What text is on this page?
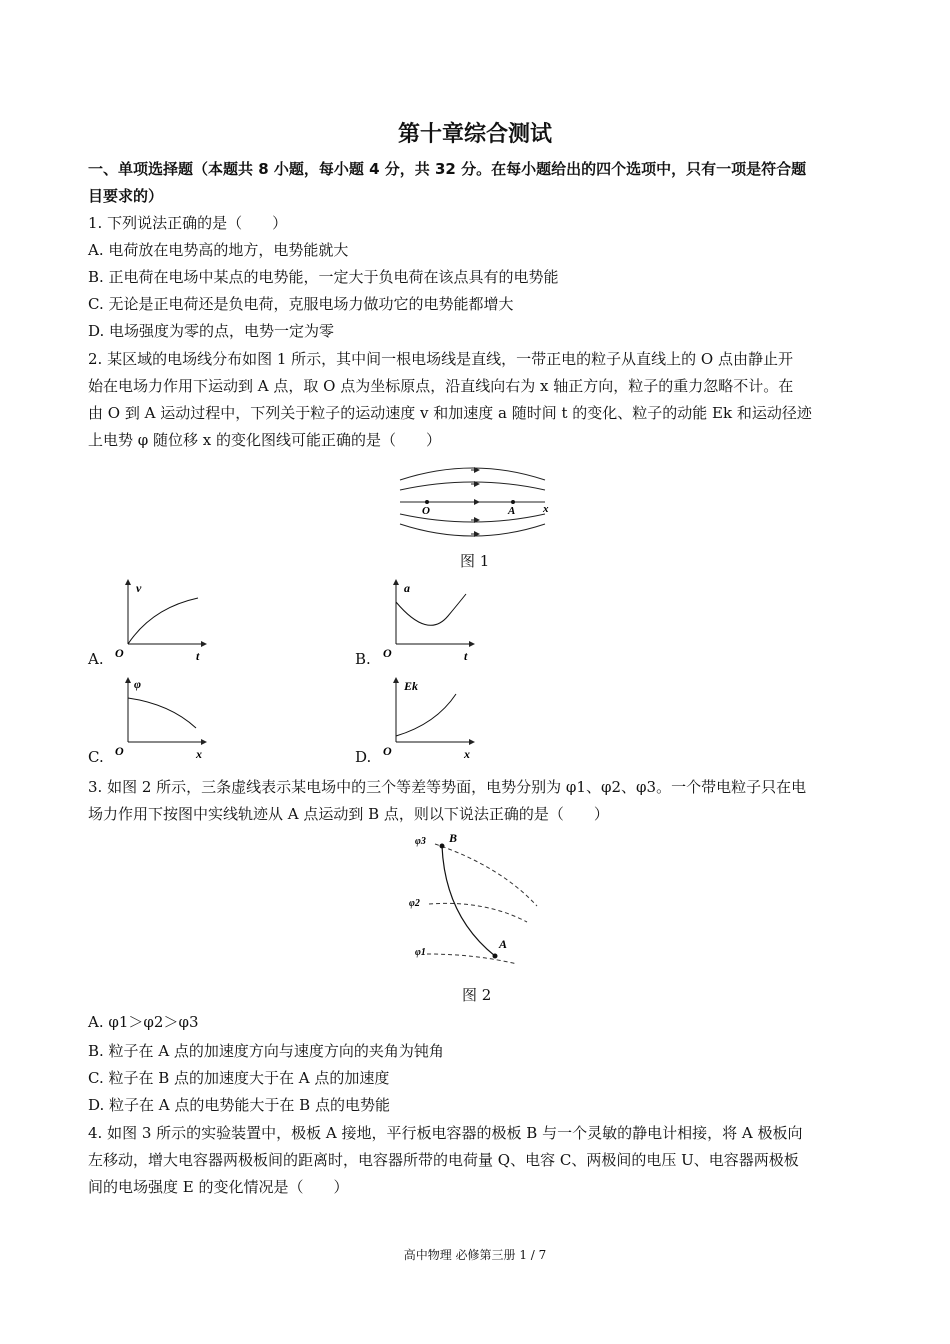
第十章综合测试
一、单项选择题（本题共 8 小题，每小题 4 分，共 32 分。在每小题给出的四个选项中，只有一项是符合题
目要求的）
1. 下列说法正确的是（　　）
A. 电荷放在电势高的地方，电势能就大
B. 正电荷在电场中某点的电势能，一定大于负电荷在该点具有的电势能
C. 无论是正电荷还是负电荷，克服电场力做功它的电势能都增大
D. 电场强度为零的点，电势一定为零
2. 某区域的电场线分布如图 1 所示，其中间一根电场线是直线，一带正电的粒子从直线上的 O 点由静止开
始在电场力作用下运动到 A 点，取 O 点为坐标原点，沿直线向右为 x 轴正方向，粒子的重力忽略不计。在
由 O 到 A 运动过程中，下列关于粒子的运动速度 v 和加速度 a 随时间 t 的变化、粒子的动能 Ek 和运动径迹
上电势 φ 随位移 x 的变化图线可能正确的是（　　）
O	A	x
图 1
A.
v
t
O	B.
a
t
O
C.
φ
x
O	D.
Ek
x
O
3. 如图 2 所示，三条虚线表示某电场中的三个等差等势面，电势分别为 φ1、φ2、φ3。一个带电粒子只在电
场力作用下按图中实线轨迹从 A 点运动到 B 点，则以下说法正确的是（　　）
φ3
φ2
φ1
B
A
图 2
A. φ1＞φ2＞φ3
B. 粒子在 A 点的加速度方向与速度方向的夹角为钝角
C. 粒子在 B 点的加速度大于在 A 点的加速度
D. 粒子在 A 点的电势能大于在 B 点的电势能
4. 如图 3 所示的实验装置中，极板 A 接地，平行板电容器的极板 B 与一个灵敏的静电计相接，将 A 极板向
左移动，增大电容器两极板间的距离时，电容器所带的电荷量 Q、电容 C、两极间的电压 U、电容器两极板
间的电场强度 E 的变化情况是（　　）
高中物理 必修第三册 1 / 7
